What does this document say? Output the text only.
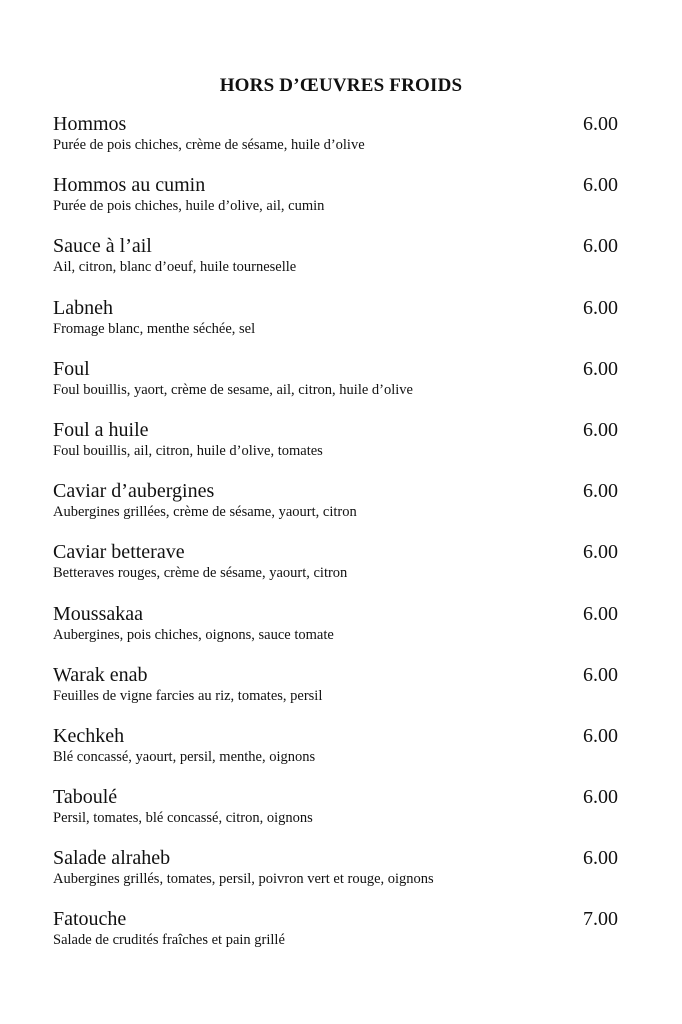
HORS D’ŒUVRES FROIDS
Hommos	6.00
Purée de pois chiches, crème de sésame, huile d’olive
Hommos au cumin	6.00
Purée de pois chiches, huile d’olive, ail, cumin
Sauce à l’ail	6.00
Ail, citron, blanc d’oeuf, huile tourneselle
Labneh	6.00
Fromage blanc, menthe séchée, sel
Foul	6.00
Foul bouillis, yaort, crème de sesame, ail, citron, huile d’olive
Foul a huile	6.00
Foul bouillis, ail, citron, huile d’olive, tomates
Caviar d’aubergines	6.00
Aubergines grillées, crème de sésame, yaourt, citron
Caviar betterave	6.00
Betteraves rouges, crème de sésame, yaourt, citron
Moussakaa	6.00
Aubergines, pois chiches, oignons, sauce tomate
Warak enab	6.00
Feuilles de vigne farcies au riz, tomates, persil
Kechkeh	6.00
Blé concassé, yaourt, persil, menthe, oignons
Taboulé	6.00
Persil, tomates, blé concassé, citron, oignons
Salade alraheb	6.00
Aubergines grillés, tomates, persil, poivron vert et rouge, oignons
Fatouche	7.00
Salade de crudités fraîches et pain grillé
